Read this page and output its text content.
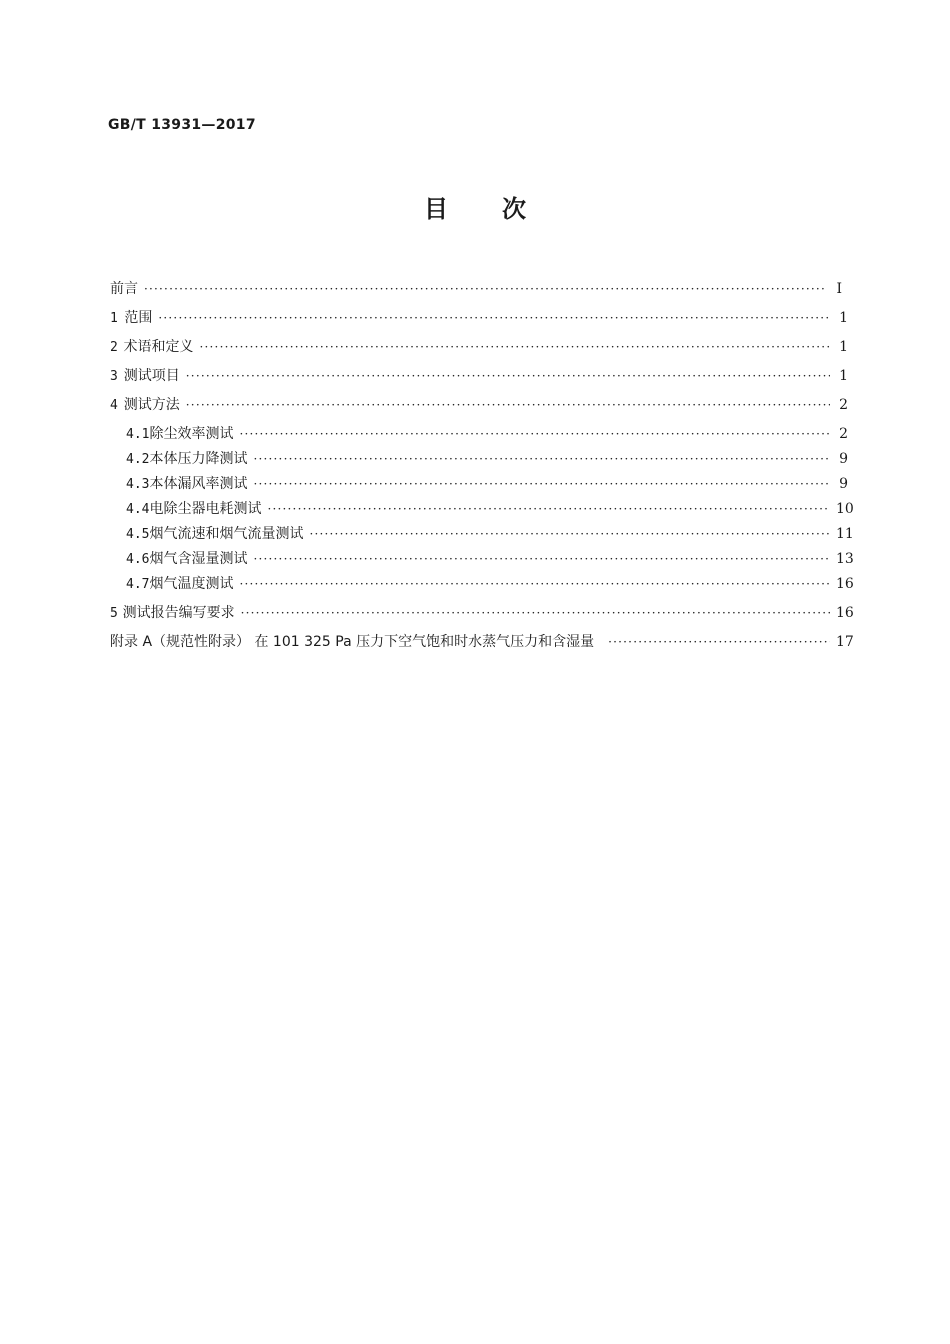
GB/T 13931—2017
目次
前言 ·····	Ⅰ
1 范围 ·····	1
2 术语和定义 ·····	1
3 测试项目 ·····	1
4 测试方法 ·····	2
4.1 除尘效率测试 ·····	2
4.2 本体压力降测试 ·····	9
4.3 本体漏风率测试 ·····	9
4.4 电除尘器电耗测试 ·····	10
4.5 烟气流速和烟气流量测试 ·····	11
4.6 烟气含湿量测试 ·····	13
4.7 烟气温度测试 ·····	16
5 测试报告编写要求 ·····	16
附录 A（规范性附录） 在 101 325 Pa 压力下空气饱和时水蒸气压力和含湿量 ·····	17
